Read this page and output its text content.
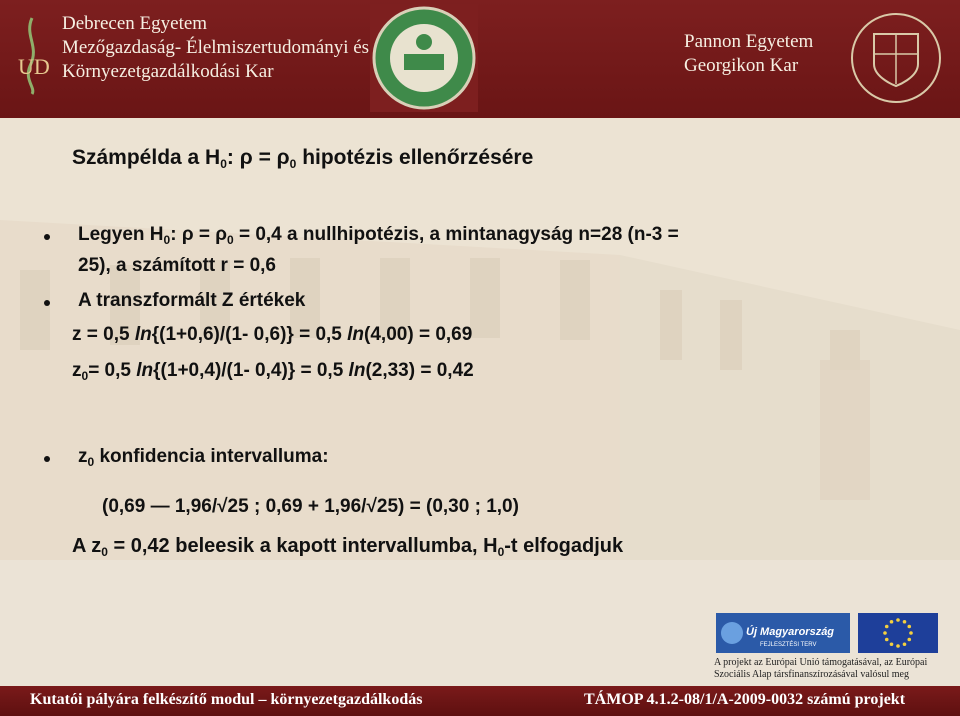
UD
Debrecen Egyetem
Mezőgazdaság- Élelmiszertudományi és
Környezetgazdálkodási Kar
Pannon Egyetem
Georgikon Kar
Számpélda a $H_0$: $\rho = \rho_0$ hipotézis ellenőrzésére
Legyen $H_0$: $\rho = \rho_0 = 0,4$ a nullhipotézis, a mintanagyság n=28 (n-3 =
25), a számított r = 0,6
A transzformált Z értékek
z = 0,5 ln{(1+0,6)/(1- 0,6)} = 0,5 ln(4,00) = 0,69
$z_0= 0,5$ ln{(1+0,4)/(1- 0,4)} = 0,5 ln(2,33) = 0,42
$z_0$ konfidencia intervalluma:
(0,69 — 1,96/√25 ; 0,69 + 1,96/√25) = (0,30 ; 1,0)
A $z_0 = 0,42$ beleesik a kapott intervallumba, $H_0-t$ elfogadjuk
Új Magyarország
FEJLESZTÉSI TERV
A projekt az Európai Unió támogatásával, az Európai Szociális Alap társfinanszírozásával valósul meg
Kutatói pályára felkészítő modul – környezetgazdálkodás	TÁMOP 4.1.2-08/1/A-2009-0032 számú projekt
